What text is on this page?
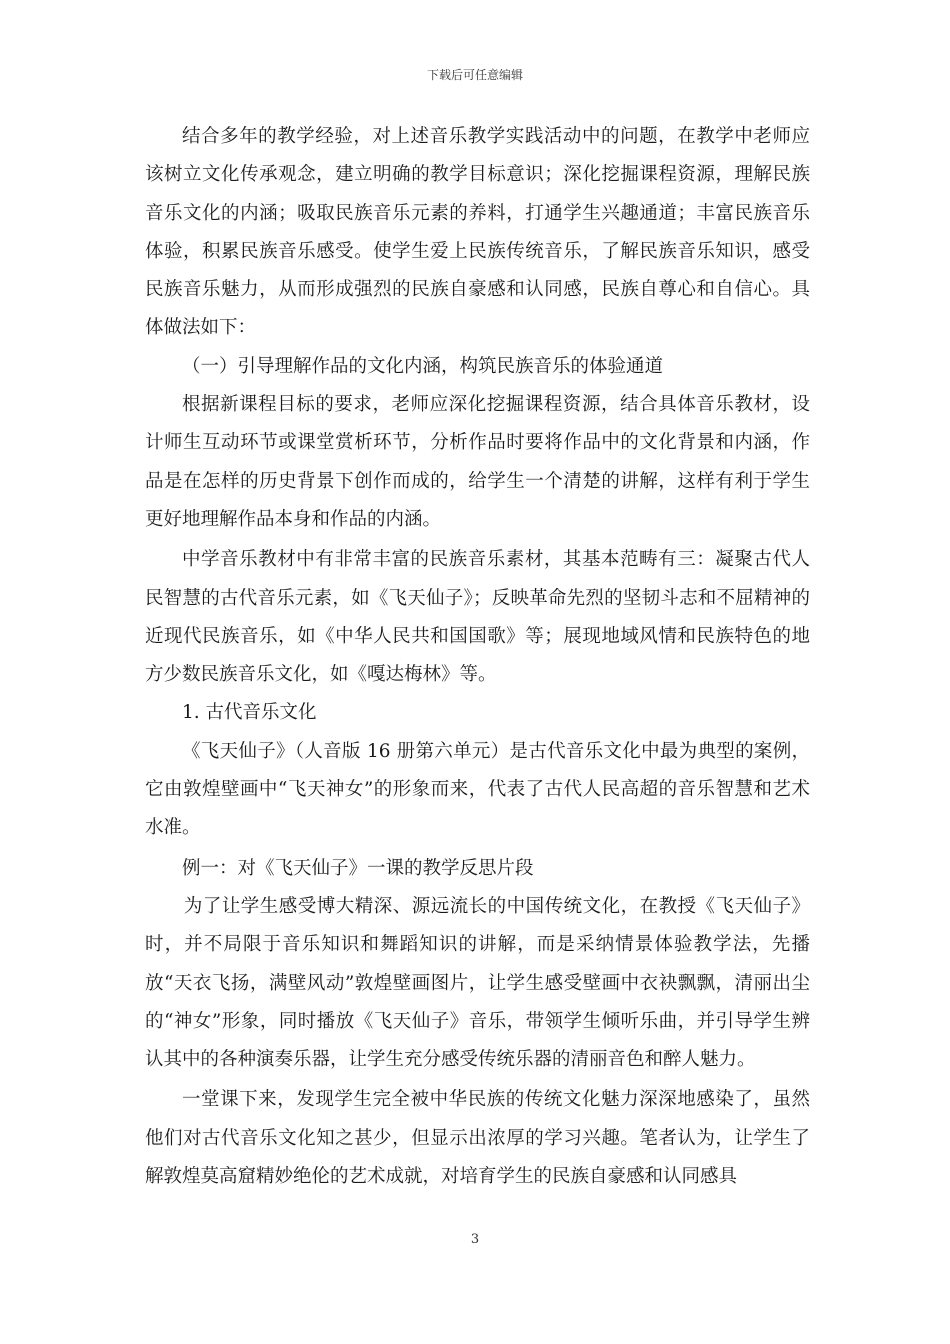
下载后可任意编辑

结合多年的教学经验，对上述音乐教学实践活动中的问题，在教学中老师应该树立文化传承观念，建立明确的教学目标意识；深化挖掘课程资源，理解民族音乐文化的内涵；吸取民族音乐元素的养料，打通学生兴趣通道；丰富民族音乐体验，积累民族音乐感受。使学生爱上民族传统音乐，了解民族音乐知识，感受民族音乐魅力，从而形成强烈的民族自豪感和认同感，民族自尊心和自信心。具体做法如下：

（一）引导理解作品的文化内涵，构筑民族音乐的体验通道

根据新课程目标的要求，老师应深化挖掘课程资源，结合具体音乐教材，设计师生互动环节或课堂赏析环节，分析作品时要将作品中的文化背景和内涵，作品是在怎样的历史背景下创作而成的，给学生一个清楚的讲解，这样有利于学生更好地理解作品本身和作品的内涵。

中学音乐教材中有非常丰富的民族音乐素材，其基本范畴有三：凝聚古代人民智慧的古代音乐元素，如《飞天仙子》；反映革命先烈的坚韧斗志和不屈精神的近现代民族音乐，如《中华人民共和国国歌》等；展现地域风情和民族特色的地方少数民族音乐文化，如《嘎达梅林》等。

1. 古代音乐文化

《飞天仙子》（人音版 16 册第六单元）是古代音乐文化中最为典型的案例，它由敦煌壁画中“飞天神女”的形象而来，代表了古代人民高超的音乐智慧和艺术水准。

例一：对《飞天仙子》一课的教学反思片段

为了让学生感受博大精深、源远流长的中国传统文化，在教授《飞天仙子》时，并不局限于音乐知识和舞蹈知识的讲解，而是采纳情景体验教学法，先播放“天衣飞扬，满壁风动”敦煌壁画图片，让学生感受壁画中衣袂飘飘，清丽出尘的“神女”形象，同时播放《飞天仙子》音乐，带领学生倾听乐曲，并引导学生辨认其中的各种演奏乐器，让学生充分感受传统乐器的清丽音色和醉人魅力。

一堂课下来，发现学生完全被中华民族的传统文化魅力深深地感染了，虽然他们对古代音乐文化知之甚少，但显示出浓厚的学习兴趣。笔者认为，让学生了解敦煌莫高窟精妙绝伦的艺术成就，对培育学生的民族自豪感和认同感具

3
